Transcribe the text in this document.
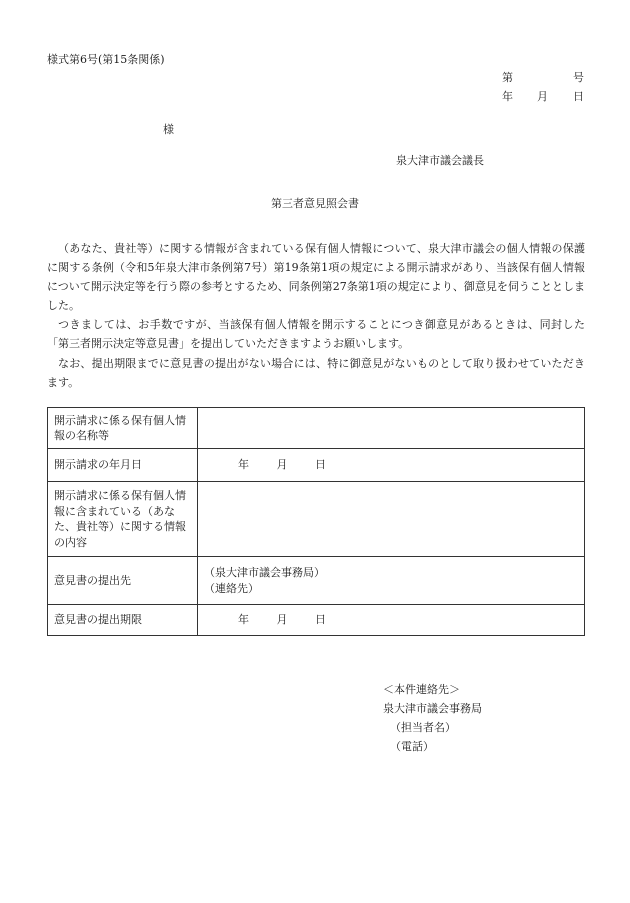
様式第6号(第15条関係)
第	号
年 月 日
様
泉大津市議会議長
第三者意見照会書

（あなた、貴社等）に関する情報が含まれている保有個人情報について、泉大津市議会の個人情報の保護に関する条例（令和5年泉大津市条例第7号）第19条第1項の規定による開示請求があり、当該保有個人情報について開示決定等を行う際の参考とするため、同条例第27条第1項の規定により、御意見を伺うこととしました。

つきましては、お手数ですが、当該保有個人情報を開示することにつき御意見があるときは、同封した「第三者開示決定等意見書」を提出していただきますようお願いします。

なお、提出期限までに意見書の提出がない場合には、特に御意見がないものとして取り扱わせていただきます。

開示請求に係る保有個人情報の名称等	
開示請求の年月日	年 月 日
開示請求に係る保有個人情報に含まれている（あなた、貴社等）に関する情報の内容	
意見書の提出先	（泉大津市議会事務局）
（連絡先）

意見書の提出期限	年 月 日
＜本件連絡先＞
泉大津市議会事務局
（担当者名）
（電話）
